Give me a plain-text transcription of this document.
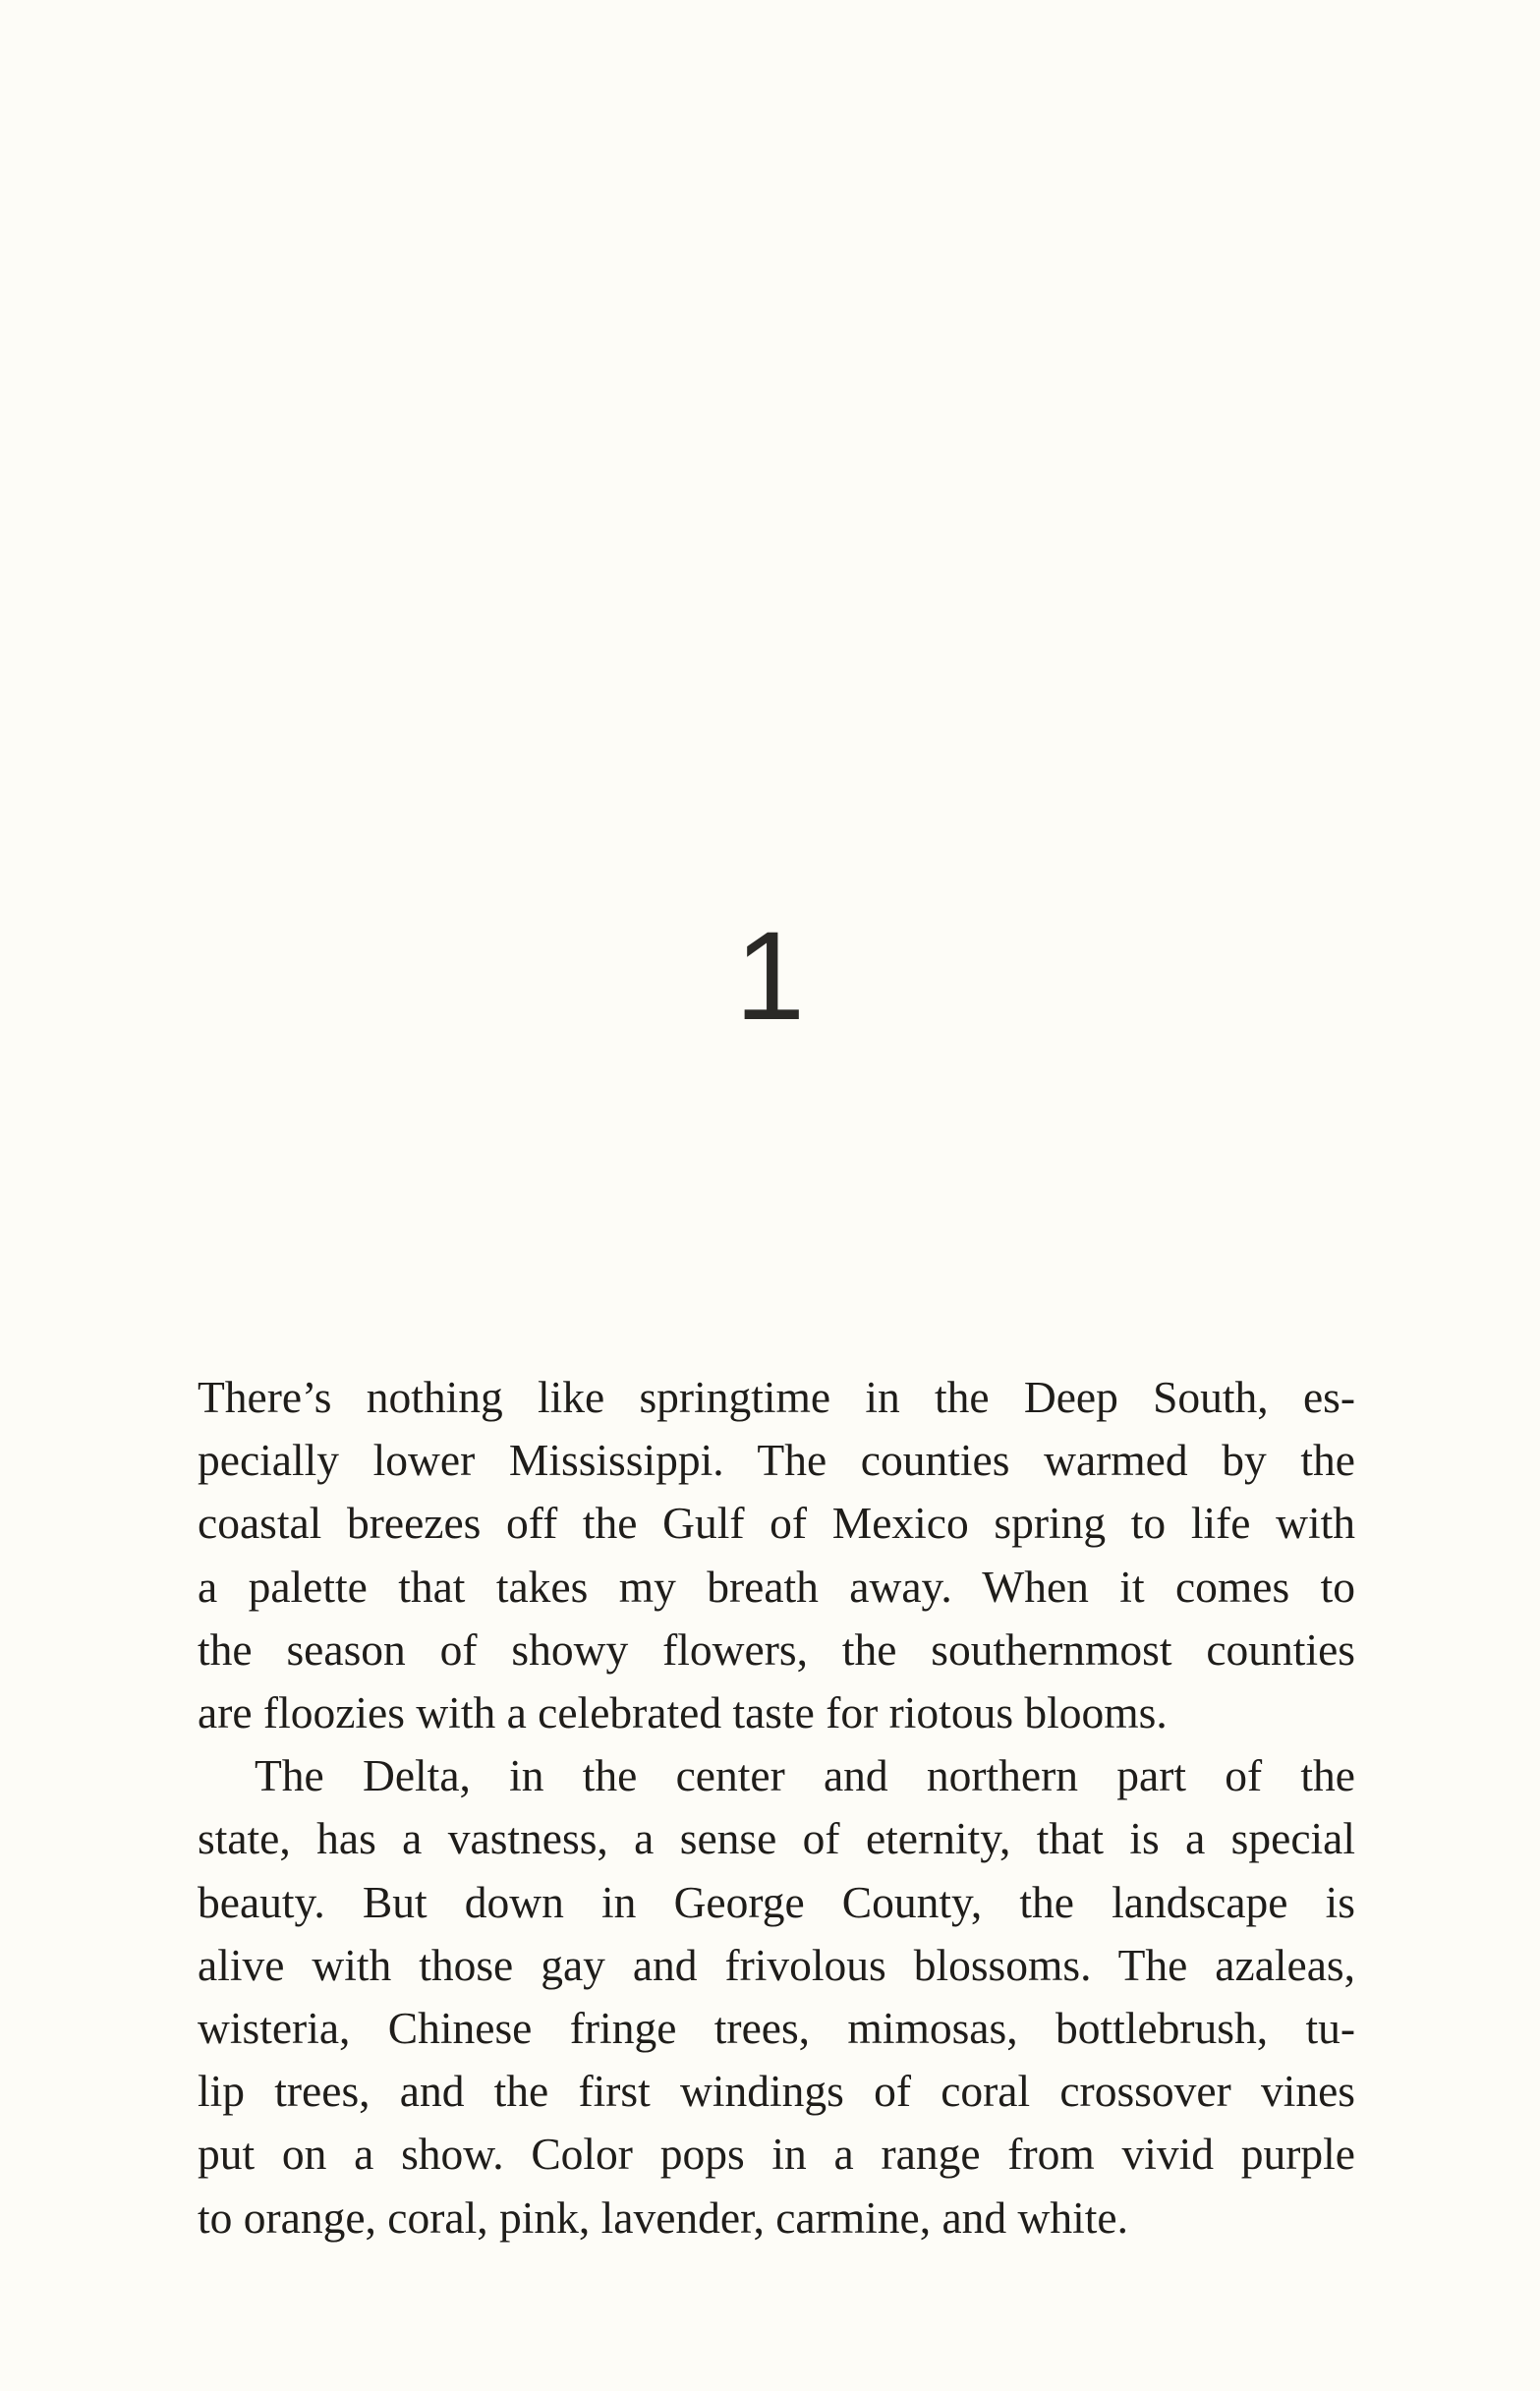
1

There’s nothing like springtime in the Deep South, es-
pecially lower Mississippi. The counties warmed by the
coastal breezes off the Gulf of Mexico spring to life with
a palette that takes my breath away. When it comes to
the season of showy flowers, the southernmost counties
are floozies with a celebrated taste for riotous blooms.

The Delta, in the center and northern part of the
state, has a vastness, a sense of eternity, that is a special
beauty. But down in George County, the landscape is
alive with those gay and frivolous blossoms. The azaleas,
wisteria, Chinese fringe trees, mimosas, bottlebrush, tu-
lip trees, and the first windings of coral crossover vines
put on a show. Color pops in a range from vivid purple
to orange, coral, pink, lavender, carmine, and white.
